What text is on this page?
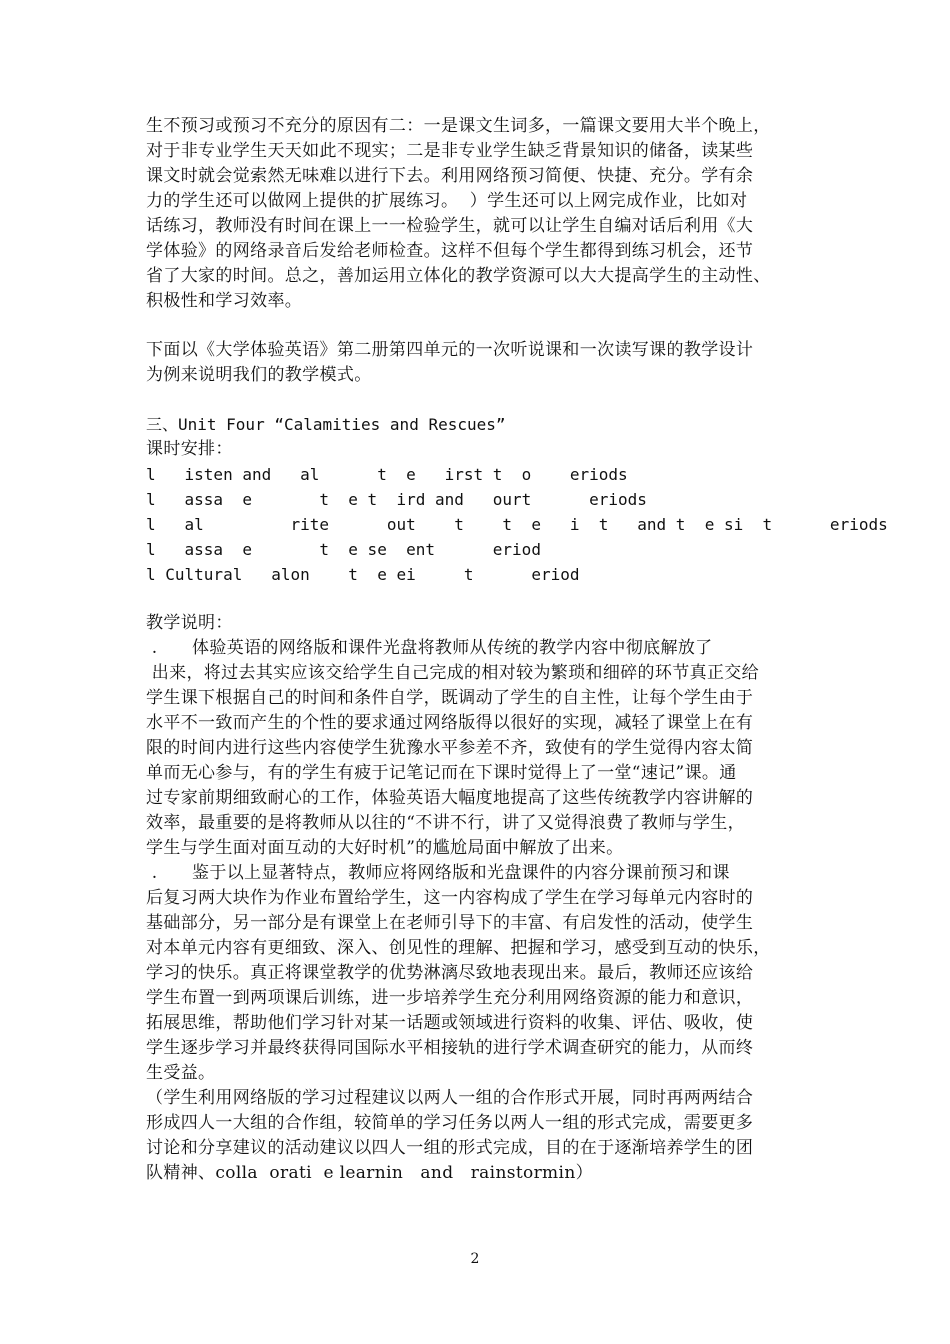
生不预习或预习不充分的原因有二：一是课文生词多，一篇课文要用大半个晚上，
对于非专业学生天天如此不现实；二是非专业学生缺乏背景知识的储备，读某些
课文时就会觉索然无味难以进行下去。利用网络预习简便、快捷、充分。学有余
力的学生还可以做网上提供的扩展练习。  ）学生还可以上网完成作业，比如对
话练习，教师没有时间在课上一一检验学生，就可以让学生自编对话后利用《大
学体验》的网络录音后发给老师检查。这样不但每个学生都得到练习机会，还节
省了大家的时间。总之，善加运用立体化的教学资源可以大大提高学生的主动性、
积极性和学习效率。
下面以《大学体验英语》第二册第四单元的一次听说课和一次读写课的教学设计
为例来说明我们的教学模式。
三、Unit Four “Calamities and Rescues”
课时安排：
l   isten and   al      t  e   irst t  o    eriods
l   assa  e       t  e t  ird and   ourt      eriods
l   al         rite      out    t    t  e   i  t   and t  e si  t      eriods
l   assa  e       t  e se  ent      eriod
l Cultural   alon    t  e ei     t      eriod
教学说明：
.      体验英语的网络版和课件光盘将教师从传统的教学内容中彻底解放了
出来，将过去其实应该交给学生自己完成的相对较为繁琐和细碎的环节真正交给
学生课下根据自己的时间和条件自学，既调动了学生的自主性，让每个学生由于
水平不一致而产生的个性的要求通过网络版得以很好的实现，减轻了课堂上在有
限的时间内进行这些内容使学生犹豫水平参差不齐，致使有的学生觉得内容太简
单而无心参与，有的学生有疲于记笔记而在下课时觉得上了一堂“速记”课。通
过专家前期细致耐心的工作，体验英语大幅度地提高了这些传统教学内容讲解的
效率，最重要的是将教师从以往的“不讲不行，讲了又觉得浪费了教师与学生，
学生与学生面对面互动的大好时机”的尴尬局面中解放了出来。
.      鉴于以上显著特点，教师应将网络版和光盘课件的内容分课前预习和课
后复习两大块作为作业布置给学生，这一内容构成了学生在学习每单元内容时的
基础部分，另一部分是有课堂上在老师引导下的丰富、有启发性的活动，使学生
对本单元内容有更细致、深入、创见性的理解、把握和学习，感受到互动的快乐，
学习的快乐。真正将课堂教学的优势淋漓尽致地表现出来。最后，教师还应该给
学生布置一到两项课后训练，进一步培养学生充分利用网络资源的能力和意识，
拓展思维，帮助他们学习针对某一话题或领域进行资料的收集、评估、吸收，使
学生逐步学习并最终获得同国际水平相接轨的进行学术调查研究的能力，从而终
生受益。
（学生利用网络版的学习过程建议以两人一组的合作形式开展，同时再两两结合
形成四人一大组的合作组，较简单的学习任务以两人一组的形式完成，需要更多
讨论和分享建议的活动建议以四人一组的形式完成，目的在于逐渐培养学生的团
队精神、colla  orati  e learnin   and   rainstormin）
2
